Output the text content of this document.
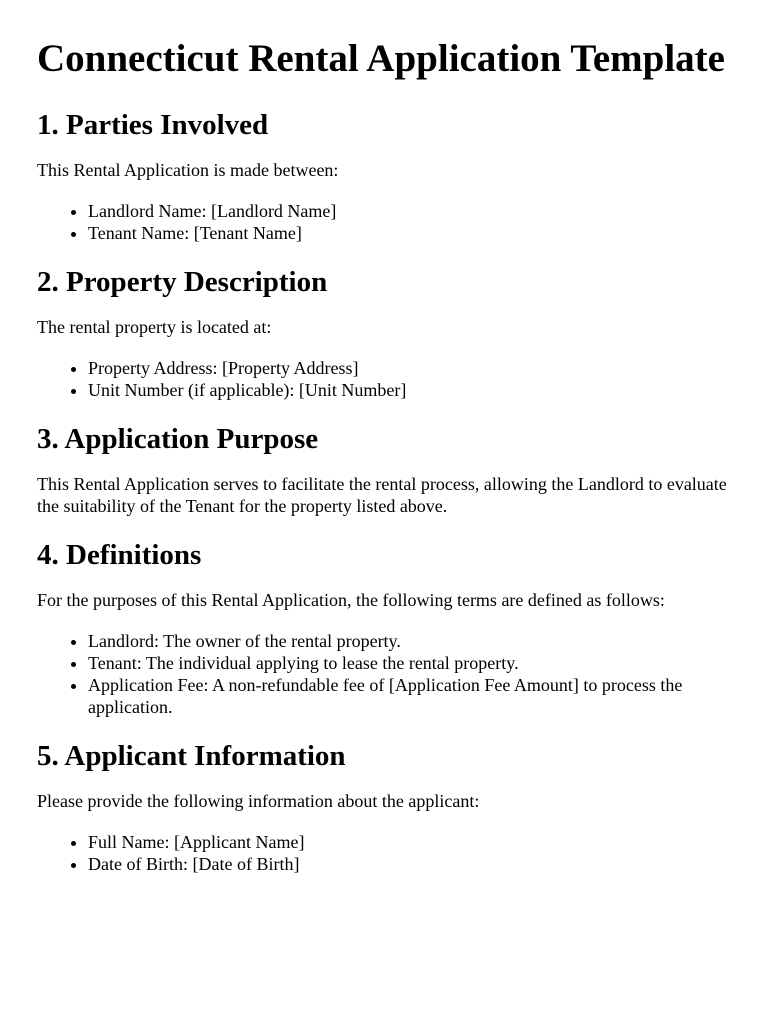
Connecticut Rental Application Template
1. Parties Involved

This Rental Application is made between:

• Landlord Name: [Landlord Name]
• Tenant Name: [Tenant Name]
2. Property Description

The rental property is located at:

• Property Address: [Property Address]
• Unit Number (if applicable): [Unit Number]
3. Application Purpose

This Rental Application serves to facilitate the rental process, allowing the Landlord to evaluate the suitability of the Tenant for the property listed above.

4. Definitions

For the purposes of this Rental Application, the following terms are defined as follows:

• Landlord: The owner of the rental property.
• Tenant: The individual applying to lease the rental property.
• Application Fee: A non-refundable fee of [Application Fee Amount] to process the application.
5. Applicant Information

Please provide the following information about the applicant:

• Full Name: [Applicant Name]
• Date of Birth: [Date of Birth]
